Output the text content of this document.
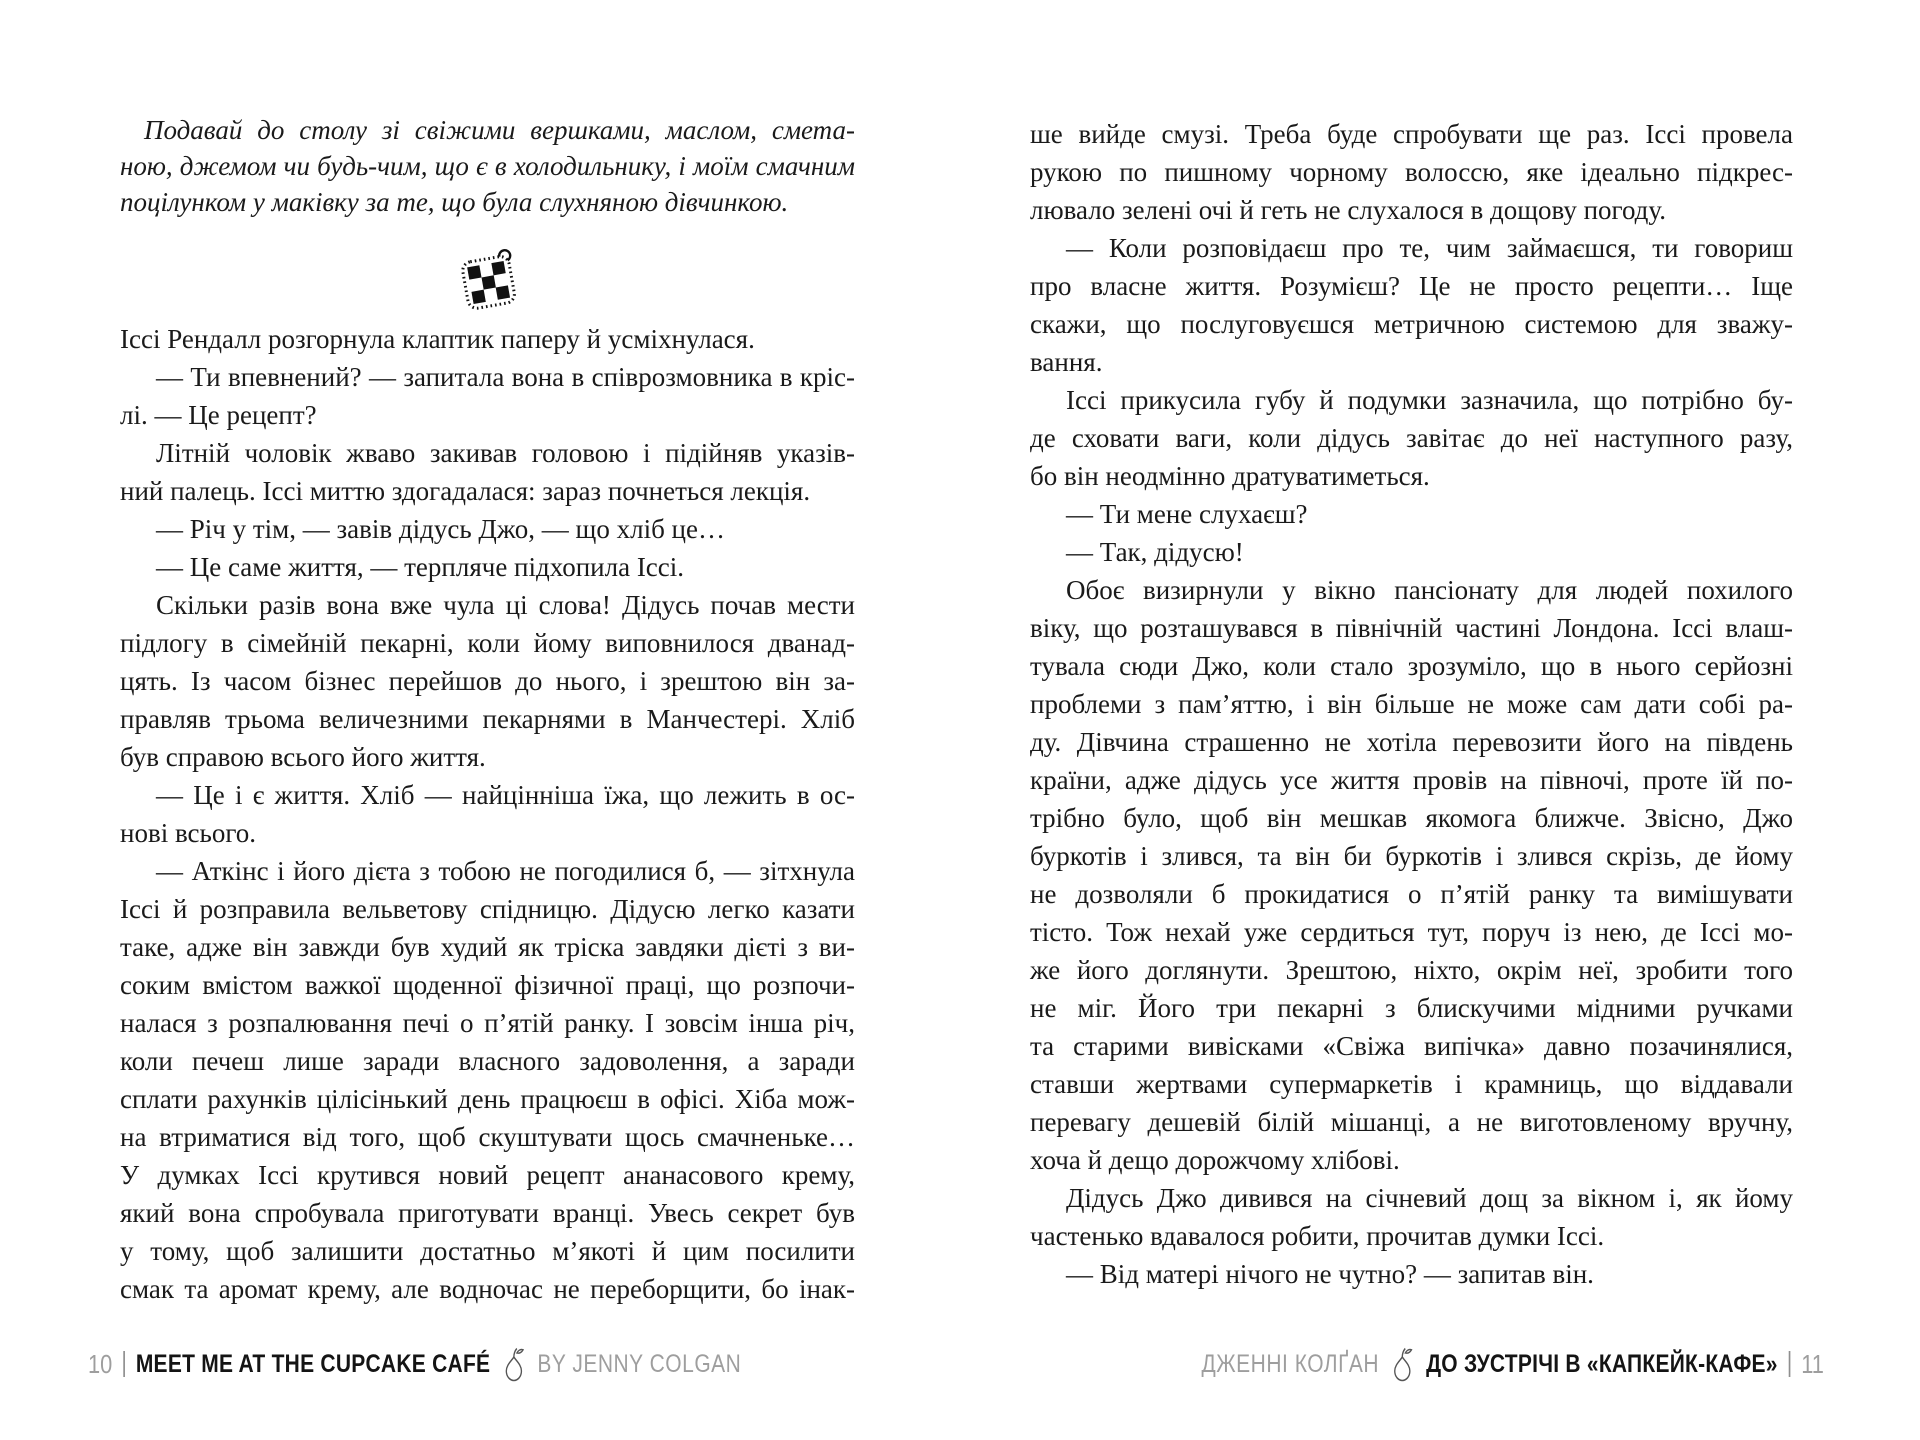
Подавай до столу зі свіжими вершками, маслом, смета-
ною, джемом чи будь-чим, що є в холодильнику, і моїм смачним
поцілунком у маківку за те, що була слухняною дівчинкою.
Іссі Рендалл розгорнула клаптик паперу й усміхнулася.
— Ти впевнений? — запитала вона в співрозмовника в кріс-
лі. — Це рецепт?
Літній чоловік жваво закивав головою і підійняв указів-
ний палець. Іссі миттю здогадалася: зараз почнеться лекція.
— Річ у тім, — завів дідусь Джо, — що хліб це…
— Це саме життя, — терпляче підхопила Іссі.
Скільки разів вона вже чула ці слова! Дідусь почав мести
підлогу в сімейній пекарні, коли йому виповнилося дванад-
цять. Із часом бізнес перейшов до нього, і зрештою він за-
правляв трьома величезними пекарнями в Манчестері. Хліб
був справою всього його життя.
— Це і є життя. Хліб — найцінніша їжа, що лежить в ос-
нові всього.
— Аткінс і його дієта з тобою не погодилися б, — зітхнула
Іссі й розправила вельветову спідницю. Дідусю легко казати
таке, адже він завжди був худий як тріска завдяки дієті з ви-
соким вмістом важкої щоденної фізичної праці, що розпочи-
налася з розпалювання печі о п’ятій ранку. І зовсім інша річ,
коли печеш лише заради власного задоволення, а заради
сплати рахунків цілісінький день працюєш в офісі. Хіба мож-
на втриматися від того, щоб скуштувати щось смачненьке…
У думках Іссі крутився новий рецепт ананасового крему,
який вона спробувала приготувати вранці. Увесь секрет був
у тому, щоб залишити достатньо м’якоті й цим посилити
смак та аромат крему, але водночас не переборщити, бо інак-
ше вийде смузі. Треба буде спробувати ще раз. Іссі провела
рукою по пишному чорному волоссю, яке ідеально підкрес-
лювало зелені очі й геть не слухалося в дощову погоду.
— Коли розповідаєш про те, чим займаєшся, ти говориш
про власне життя. Розумієш? Це не просто рецепти… Іще
скажи, що послуговуєшся метричною системою для зважу-
вання.
Іссі прикусила губу й подумки зазначила, що потрібно бу-
де сховати ваги, коли дідусь завітає до неї наступного разу,
бо він неодмінно дратуватиметься.
— Ти мене слухаєш?
— Так, дідусю!
Обоє визирнули у вікно пансіонату для людей похилого
віку, що розташувався в північній частині Лондона. Іссі влаш-
тувала сюди Джо, коли стало зрозуміло, що в нього серйозні
проблеми з пам’яттю, і він більше не може сам дати собі ра-
ду. Дівчина страшенно не хотіла перевозити його на південь
країни, адже дідусь усе життя провів на півночі, проте їй по-
трібно було, щоб він мешкав якомога ближче. Звісно, Джо
буркотів і злився, та він би буркотів і злився скрізь, де йому
не дозволяли б прокидатися о п’ятій ранку та вимішувати
тісто. Тож нехай уже сердиться тут, поруч із нею, де Іссі мо-
же його доглянути. Зрештою, ніхто, окрім неї, зробити того
не міг. Його три пекарні з блискучими мідними ручками
та старими вивісками «Свіжа випічка» давно позачинялися,
ставши жертвами супермаркетів і крамниць, що віддавали
перевагу дешевій білій мішанці, а не виготовленому вручну,
хоча й дещо дорожчому хлібові.
Дідусь Джо дивився на січневий дощ за вікном і, як йому
частенько вдавалося робити, прочитав думки Іссі.
— Від матері нічого не чутно? — запитав він.
10 MEET ME AT THE CUPCAKE CAFÉ BY JENNY COLGAN	ДЖЕННІ КОЛҐАН ДО ЗУСТРІЧІ В «КАПКЕЙК-КАФЕ» 11
